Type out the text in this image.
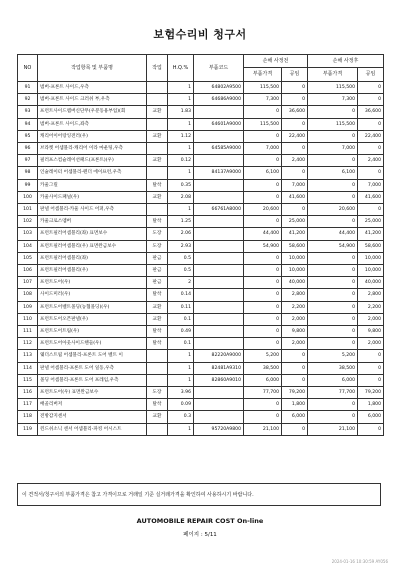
보험수리비 청구서
NO	작업항목 및 부품명	작업	H.Q.%	부품코드	손해 사정전		손해 사정후	
					부품가격	공임	부품가격	공임
91	범버-프론트 사이드,우측		1	64802A9500	115,500	0	115,500	0
92	범버-프론트 사이드 크러쉬 부,우측		1	64686A9000	7,300	0	7,300	0
93	프런트사이드멤버신단무(우분동용부업)(회	교환	1.83		0	36,600	0	36,600
94	범버-프론트 사이드,좌측		1	64601A9000	115,500	0	115,500	0
95	캐리어이어랑잉전러(우)	교환	1.12		0	22,400	0	22,400
96	브라켓 어셈블리-캐리어 이라 마운팅,우측		1	64585A9000	7,000	0	7,000	0
97	필러프스컴슐레이션패드(프론트)(우)	교환	0.12		0	2,400	0	2,400
98	인슐레이터 어셈블리-펜더 에이프런,우측		1	84137A9000	6,100	0	6,100	0
99	카울그릴	탈착	0.35		0	7,000	0	7,000
100	카울사이드패널(우)	교환	2.08		0	41,600	0	41,600
101	판넬 어셈블리-카울 사이드 어퍼,우측		1	66761A8000	20,600	0	20,600	0
102	카울크로스멤버	탈착	1.25		0	25,000	0	25,000
103	프런트필러어셈블리(좌) 표면보수	도장	2.06		44,400	41,200	44,400	41,200
104	프런트필러어셈블리(우) 표면완금보수	도장	2.93		54,900	58,600	54,900	58,600
105	프런트필러어셈블리(좌)	판금	0.5		0	10,000	0	10,000
106	프런트필러어셈블리(우)	판금	0.5		0	10,000	0	10,000
107	프런트도어(우)	판금	2		0	40,000	0	40,000
108	사이드미러(우)	탈착	0.14		0	2,800	0	2,800
109	프런트도어벨트몰딩(농협몰딩)(우)	교환	0.11		0	2,200	0	2,200
110	프런트도어오픈판넬(우)	교환	0.1		0	2,000	0	2,000
111	프런트도어트림(우)	탈착	0.49		0	9,800	0	9,800
112	프런트도어아웃사이드핸들(우)	탈착	0.1		0	2,000	0	2,000
113	웨더스트립 어셈블리-프론트 도어 벨트 이		1	82220A9000	5,200	0	5,200	0
114	판넬 어셈블리-프론트 도어 일동,우측		1	82481A9310	38,500	0	38,500	0
115	몰딩 어셈블리-프론트 도어 프레임,우측		1	82860A9010	6,000	0	6,000	0
116	프런트도어(우) 표면완금보수	도장	3.96		77,700	79,200	77,700	79,200
117	배골리버저	탈착	0.09		0	1,800	0	1,800
118	전방감지센서	교환	0.3		0	6,000	0	6,000
119	윈드쉬소닉 센서 어셈블리-파킹 어시스트		1	95720A9800	21,100	0	21,100	0
이 견적서/청구서의 부품가격은 참고 가격이므로 거래일 기준 실거래가격을 확인하여 사용하시기 바랍니다.
AUTOMOBILE REPAIR COST On-line
페이지 : 5/11
2024-01-16 10:30:59 AY056
